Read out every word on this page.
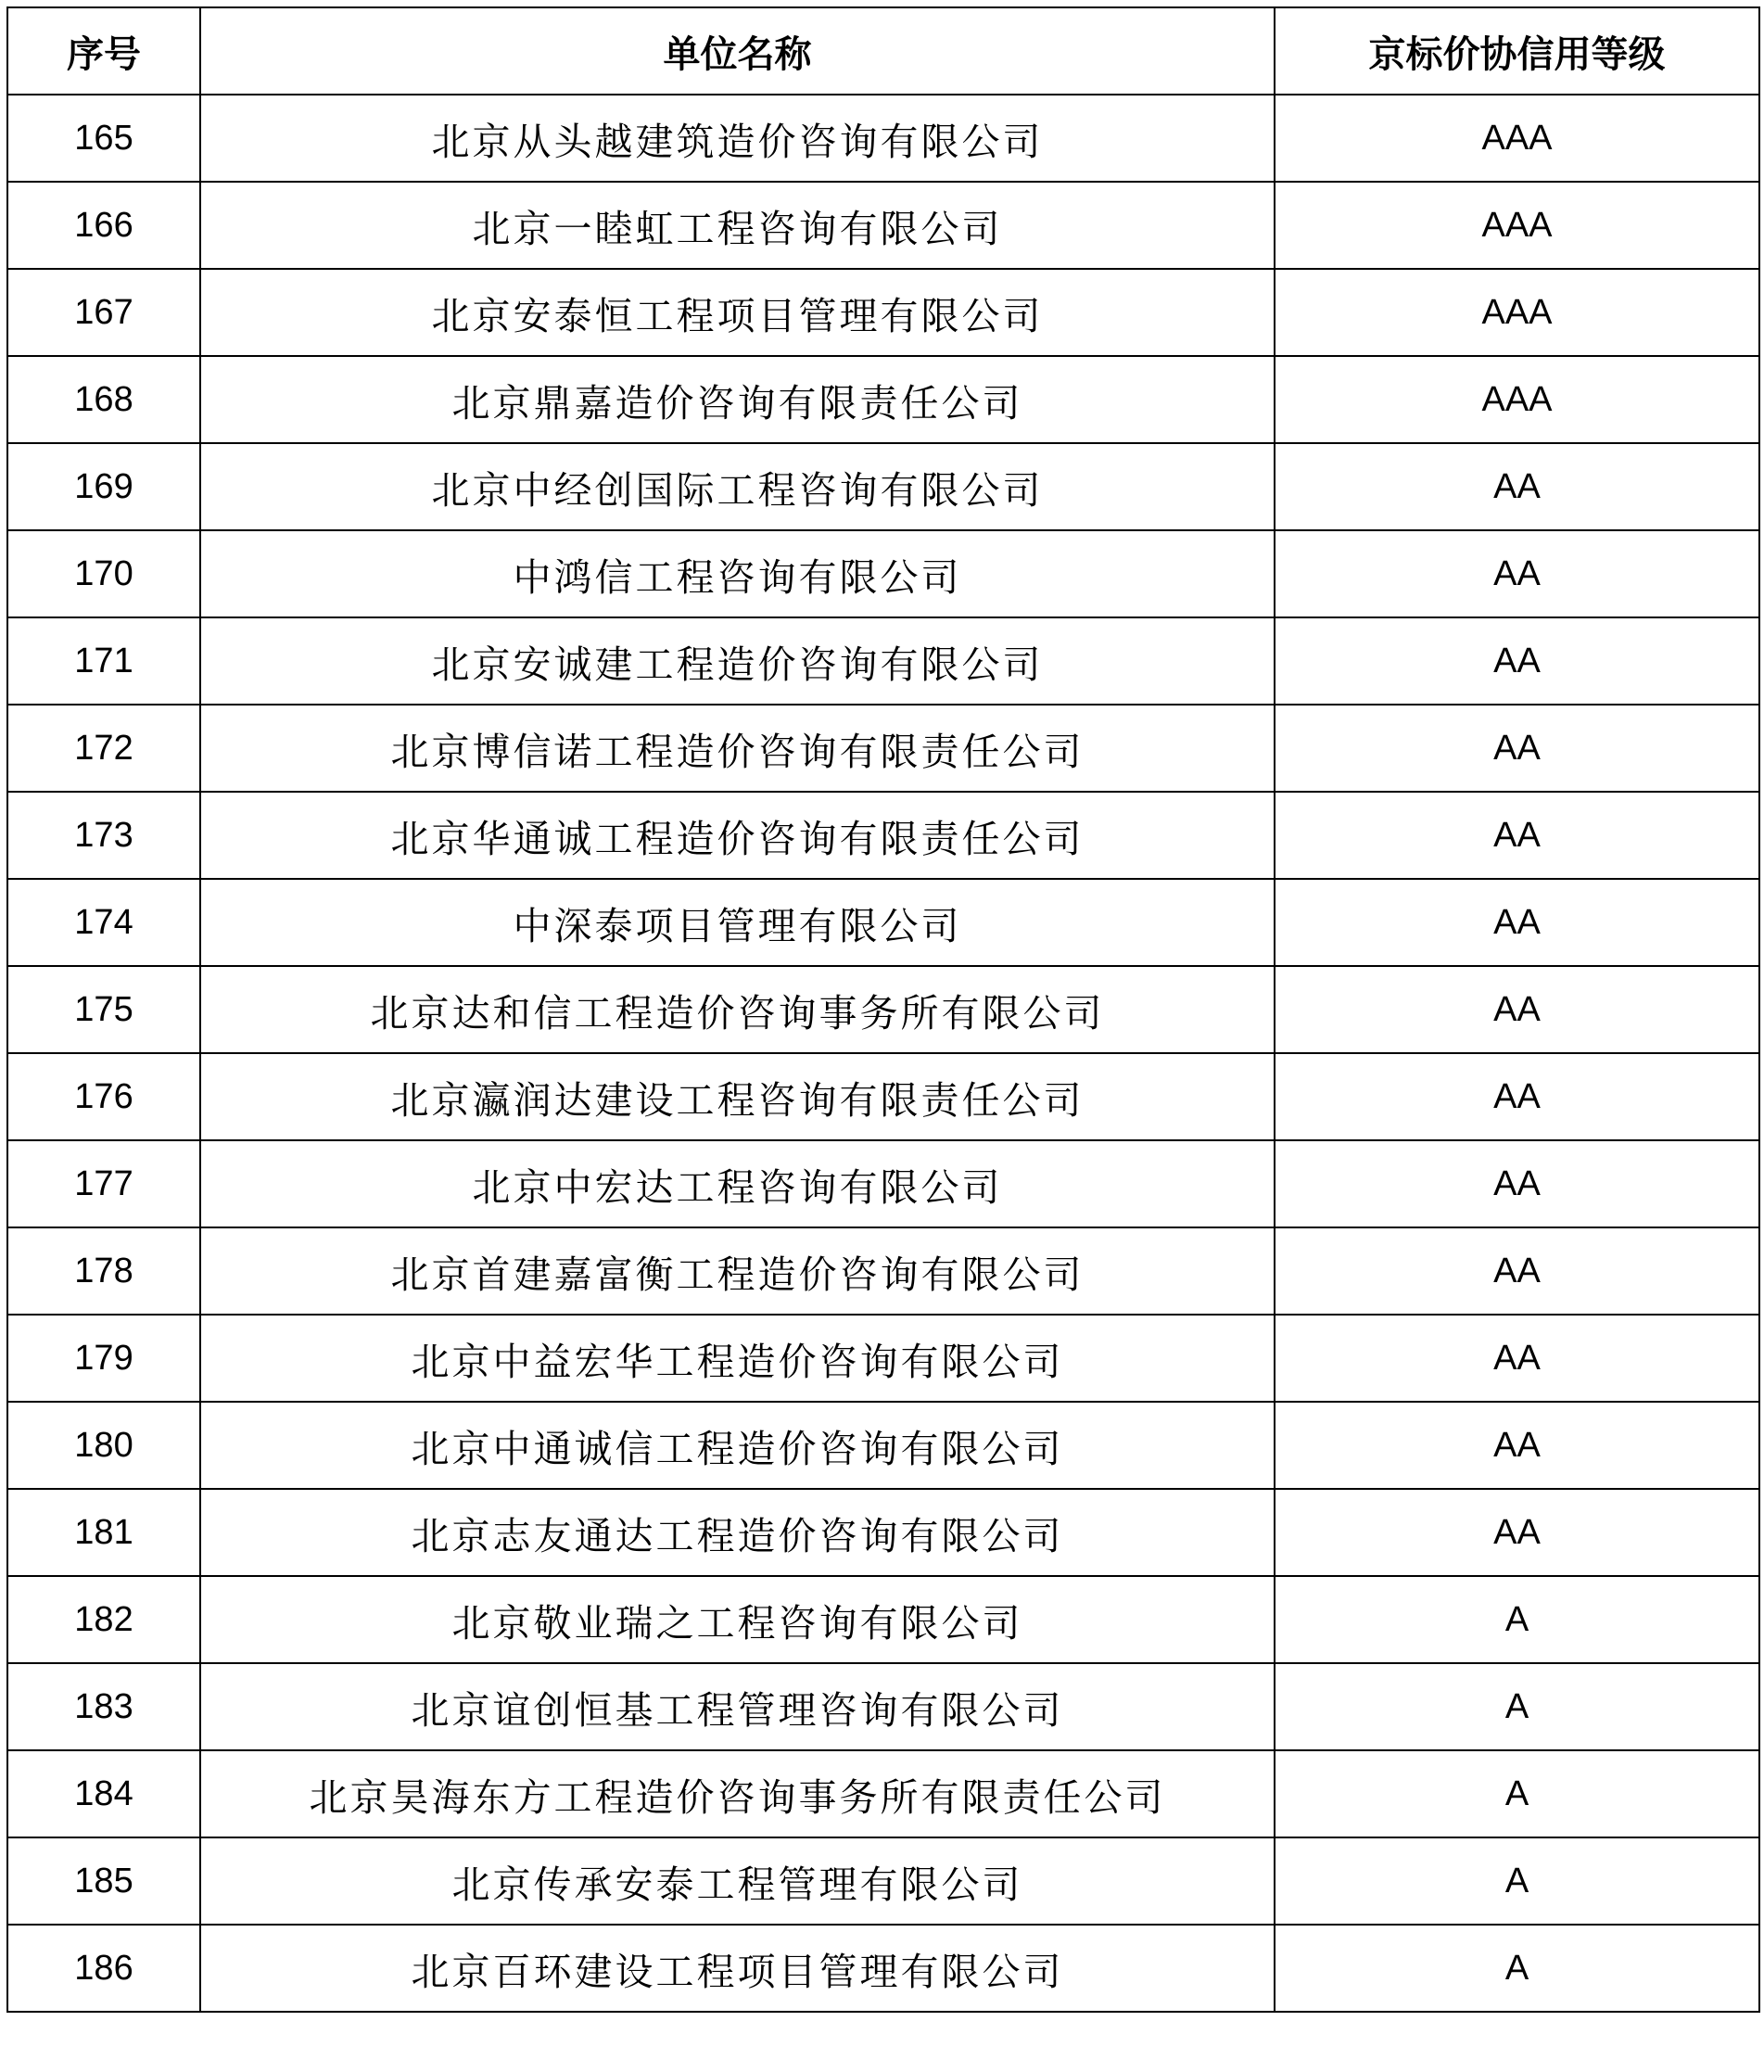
序号	单位名称	京标价协信用等级
165	北京从头越建筑造价咨询有限公司	AAA
166	北京一睦虹工程咨询有限公司	AAA
167	北京安泰恒工程项目管理有限公司	AAA
168	北京鼎嘉造价咨询有限责任公司	AAA
169	北京中经创国际工程咨询有限公司	AA
170	中鸿信工程咨询有限公司	AA
171	北京安诚建工程造价咨询有限公司	AA
172	北京博信诺工程造价咨询有限责任公司	AA
173	北京华通诚工程造价咨询有限责任公司	AA
174	中深泰项目管理有限公司	AA
175	北京达和信工程造价咨询事务所有限公司	AA
176	北京瀛润达建设工程咨询有限责任公司	AA
177	北京中宏达工程咨询有限公司	AA
178	北京首建嘉富衡工程造价咨询有限公司	AA
179	北京中益宏华工程造价咨询有限公司	AA
180	北京中通诚信工程造价咨询有限公司	AA
181	北京志友通达工程造价咨询有限公司	AA
182	北京敬业瑞之工程咨询有限公司	A
183	北京谊创恒基工程管理咨询有限公司	A
184	北京昊海东方工程造价咨询事务所有限责任公司	A
185	北京传承安泰工程管理有限公司	A
186	北京百环建设工程项目管理有限公司	A
